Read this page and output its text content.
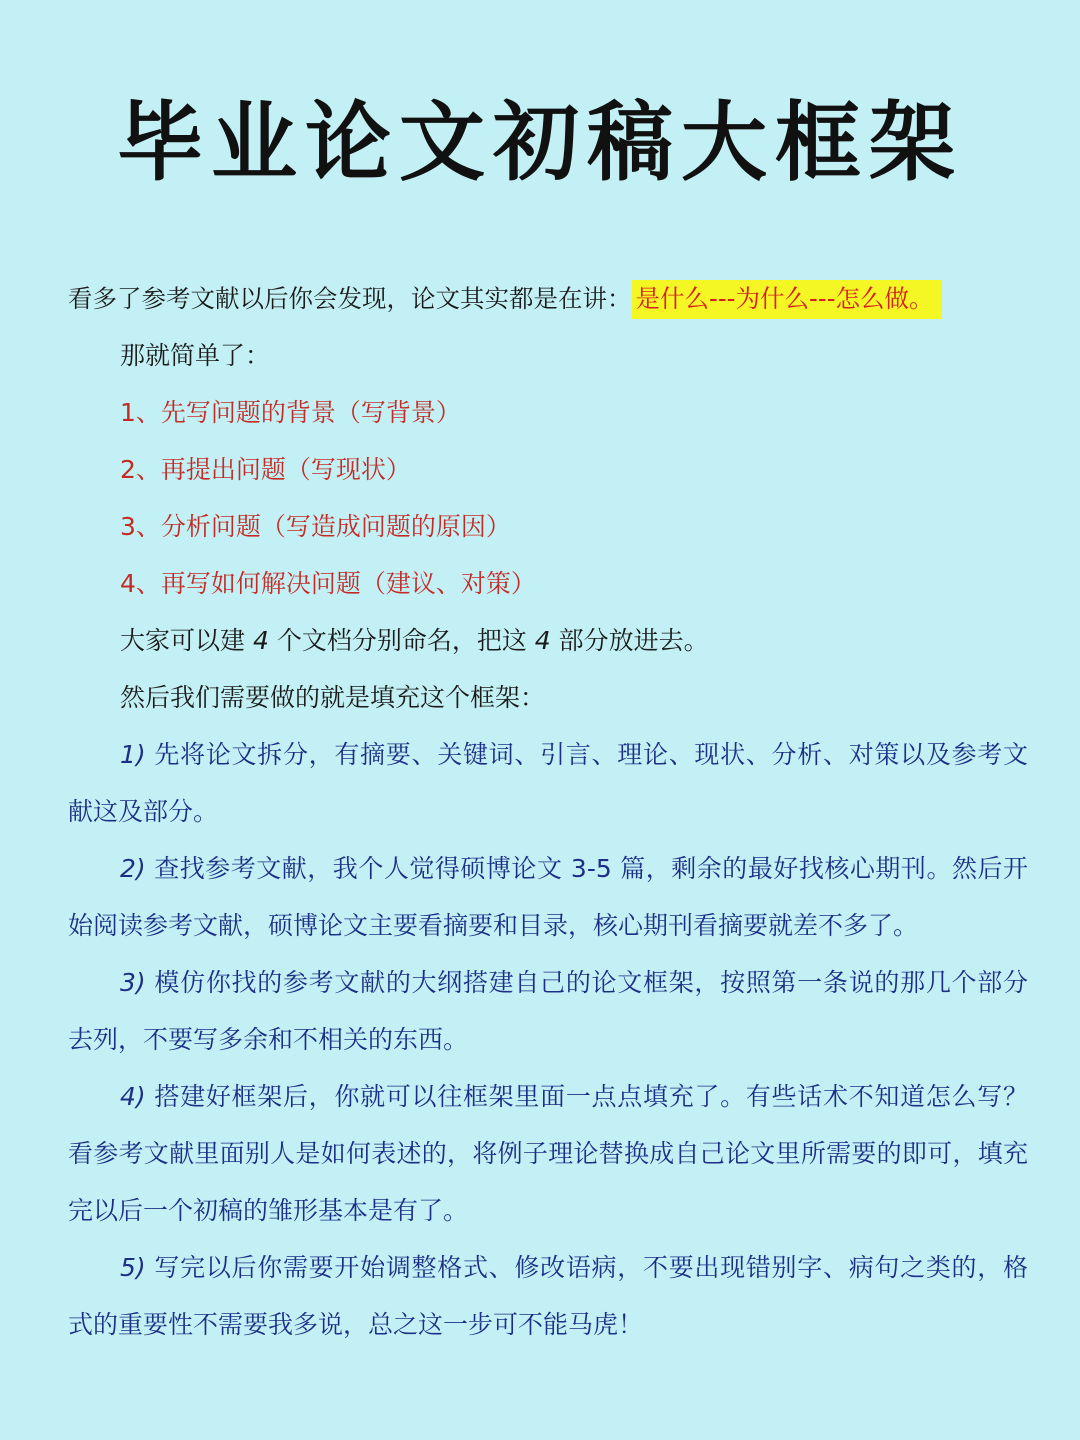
毕业论文初稿大框架
看多了参考文献以后你会发现，论文其实都是在讲： 是什么---为什么---怎么做。
那就简单了：
1、先写问题的背景（写背景）
2、再提出问题（写现状）
3、分析问题（写造成问题的原因）
4、再写如何解决问题（建议、对策）
大家可以建 4 个文档分别命名，把这 4 部分放进去。
然后我们需要做的就是填充这个框架：
1) 先将论文拆分，有摘要、关键词、引言、理论、现状、分析、对策以及参考文献这及部分。
2) 查找参考文献，我个人觉得硕博论文 3-5 篇，剩余的最好找核心期刊。然后开始阅读参考文献，硕博论文主要看摘要和目录，核心期刊看摘要就差不多了。
3) 模仿你找的参考文献的大纲搭建自己的论文框架，按照第一条说的那几个部分去列，不要写多余和不相关的东西。
4) 搭建好框架后，你就可以往框架里面一点点填充了。有些话术不知道怎么写？看参考文献里面别人是如何表述的，将例子理论替换成自己论文里所需要的即可，填充完以后一个初稿的雏形基本是有了。
5) 写完以后你需要开始调整格式、修改语病，不要出现错别字、病句之类的，格式的重要性不需要我多说，总之这一步可不能马虎！
